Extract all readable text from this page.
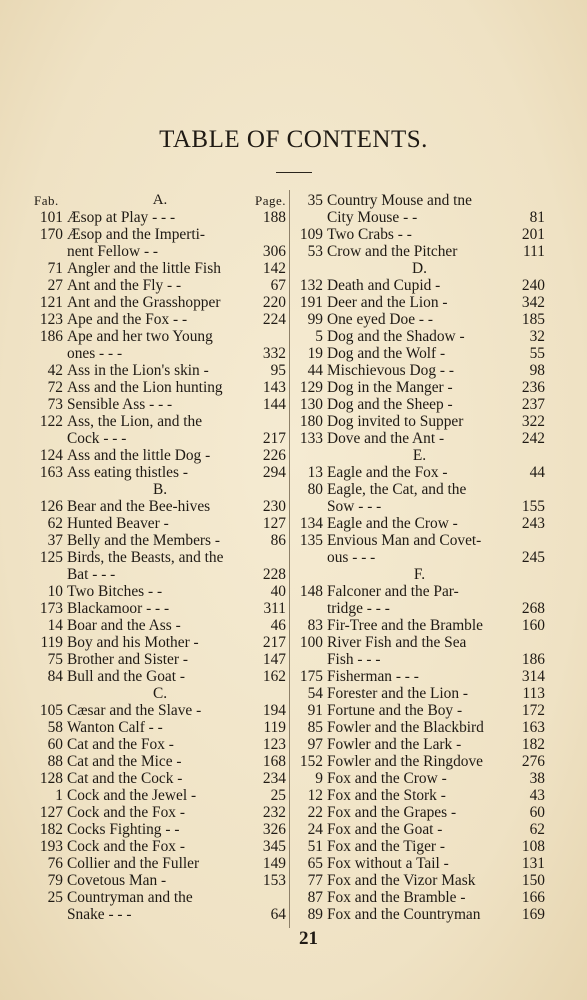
TABLE OF CONTENTS.
Fab.	A.	Page.
101 Æsop at Play - - -	188
170 Æsop and the Imperti-
nent Fellow - -	306
71 Angler and the little Fish	142
27 Ant and the Fly - -	67
121 Ant and the Grasshopper	220
123 Ape and the Fox - -	224
186 Ape and her two Young
ones - - -	332
42 Ass in the Lion's skin -	95
72 Ass and the Lion hunting	143
73 Sensible Ass - - -	144
122 Ass, the Lion, and the
Cock - - -	217
124 Ass and the little Dog -	226
163 Ass eating thistles -	294
B.
126 Bear and the Bee-hives	230
62 Hunted Beaver -	127
37 Belly and the Members -	86
125 Birds, the Beasts, and the
Bat - - -	228
10 Two Bitches - -	40
173 Blackamoor - - -	311
14 Boar and the Ass -	46
119 Boy and his Mother -	217
75 Brother and Sister -	147
84 Bull and the Goat -	162
C.
105 Cæsar and the Slave -	194
58 Wanton Calf - -	119
60 Cat and the Fox -	123
88 Cat and the Mice -	168
128 Cat and the Cock -	234
1 Cock and the Jewel -	25
127 Cock and the Fox -	232
182 Cocks Fighting - -	326
193 Cock and the Fox -	345
76 Collier and the Fuller	149
79 Covetous Man -	153
25 Countryman and the
Snake - - -	64
35 Country Mouse and tne
City Mouse - -	81
109 Two Crabs - -	201
53 Crow and the Pitcher	111
D.
132 Death and Cupid -	240
191 Deer and the Lion -	342
99 One eyed Doe - -	185
5 Dog and the Shadow -	32
19 Dog and the Wolf -	55
44 Mischievous Dog - -	98
129 Dog in the Manger -	236
130 Dog and the Sheep -	237
180 Dog invited to Supper	322
133 Dove and the Ant -	242
E.
13 Eagle and the Fox -	44
80 Eagle, the Cat, and the
Sow - - -	155
134 Eagle and the Crow -	243
135 Envious Man and Covet-
ous - - -	245
F.
148 Falconer and the Par-
tridge - - -	268
83 Fir-Tree and the Bramble	160
100 River Fish and the Sea
Fish - - -	186
175 Fisherman - - -	314
54 Forester and the Lion -	113
91 Fortune and the Boy -	172
85 Fowler and the Blackbird 163
97 Fowler and the Lark -	182
152 Fowler and the Ringdove	276
9 Fox and the Crow -	38
12 Fox and the Stork -	43
22 Fox and the Grapes -	60
24 Fox and the Goat -	62
51 Fox and the Tiger -	108
65 Fox without a Tail -	131
77 Fox and the Vizor Mask	150
87 Fox and the Bramble -	166
89 Fox and the Countryman	169
21
